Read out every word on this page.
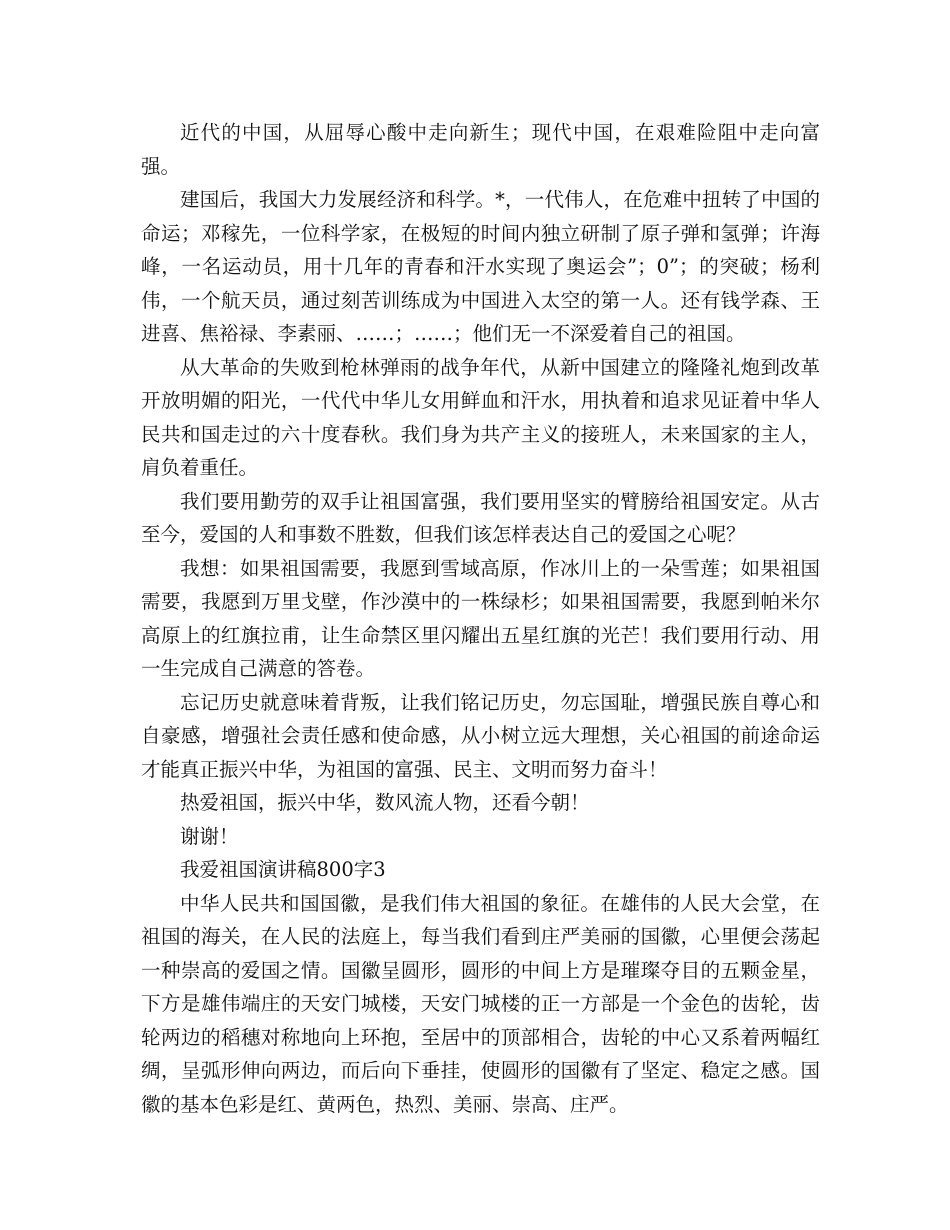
近代的中国，从屈辱心酸中走向新生；现代中国，在艰难险阻中走向富强。

建国后，我国大力发展经济和科学。*，一代伟人，在危难中扭转了中国的命运；邓稼先，一位科学家，在极短的时间内独立研制了原子弹和氢弹；许海峰，一名运动员，用十几年的青春和汗水实现了奥运会”；0”；的突破；杨利伟，一个航天员，通过刻苦训练成为中国进入太空的第一人。还有钱学森、王进喜、焦裕禄、李素丽、……；……；他们无一不深爱着自己的祖国。

从大革命的失败到枪林弹雨的战争年代，从新中国建立的隆隆礼炮到改革开放明媚的阳光，一代代中华儿女用鲜血和汗水，用执着和追求见证着中华人民共和国走过的六十度春秋。我们身为共产主义的接班人，未来国家的主人，肩负着重任。

我们要用勤劳的双手让祖国富强，我们要用坚实的臂膀给祖国安定。从古至今，爱国的人和事数不胜数，但我们该怎样表达自己的爱国之心呢？

我想：如果祖国需要，我愿到雪域高原，作冰川上的一朵雪莲；如果祖国需要，我愿到万里戈壁，作沙漠中的一株绿杉；如果祖国需要，我愿到帕米尔高原上的红旗拉甫，让生命禁区里闪耀出五星红旗的光芒！我们要用行动、用一生完成自己满意的答卷。

忘记历史就意味着背叛，让我们铭记历史，勿忘国耻，增强民族自尊心和自豪感，增强社会责任感和使命感，从小树立远大理想，关心祖国的前途命运才能真正振兴中华，为祖国的富强、民主、文明而努力奋斗！

热爱祖国，振兴中华，数风流人物，还看今朝！

谢谢！

我爱祖国演讲稿800字3

中华人民共和国国徽，是我们伟大祖国的象征。在雄伟的人民大会堂，在祖国的海关，在人民的法庭上，每当我们看到庄严美丽的国徽，心里便会荡起一种崇高的爱国之情。国徽呈圆形，圆形的中间上方是璀璨夺目的五颗金星，下方是雄伟端庄的天安门城楼，天安门城楼的正一方部是一个金色的齿轮，齿轮两边的稻穗对称地向上环抱，至居中的顶部相合，齿轮的中心又系着两幅红绸，呈弧形伸向两边，而后向下垂挂，使圆形的国徽有了坚定、稳定之感。国徽的基本色彩是红、黄两色，热烈、美丽、崇高、庄严。
